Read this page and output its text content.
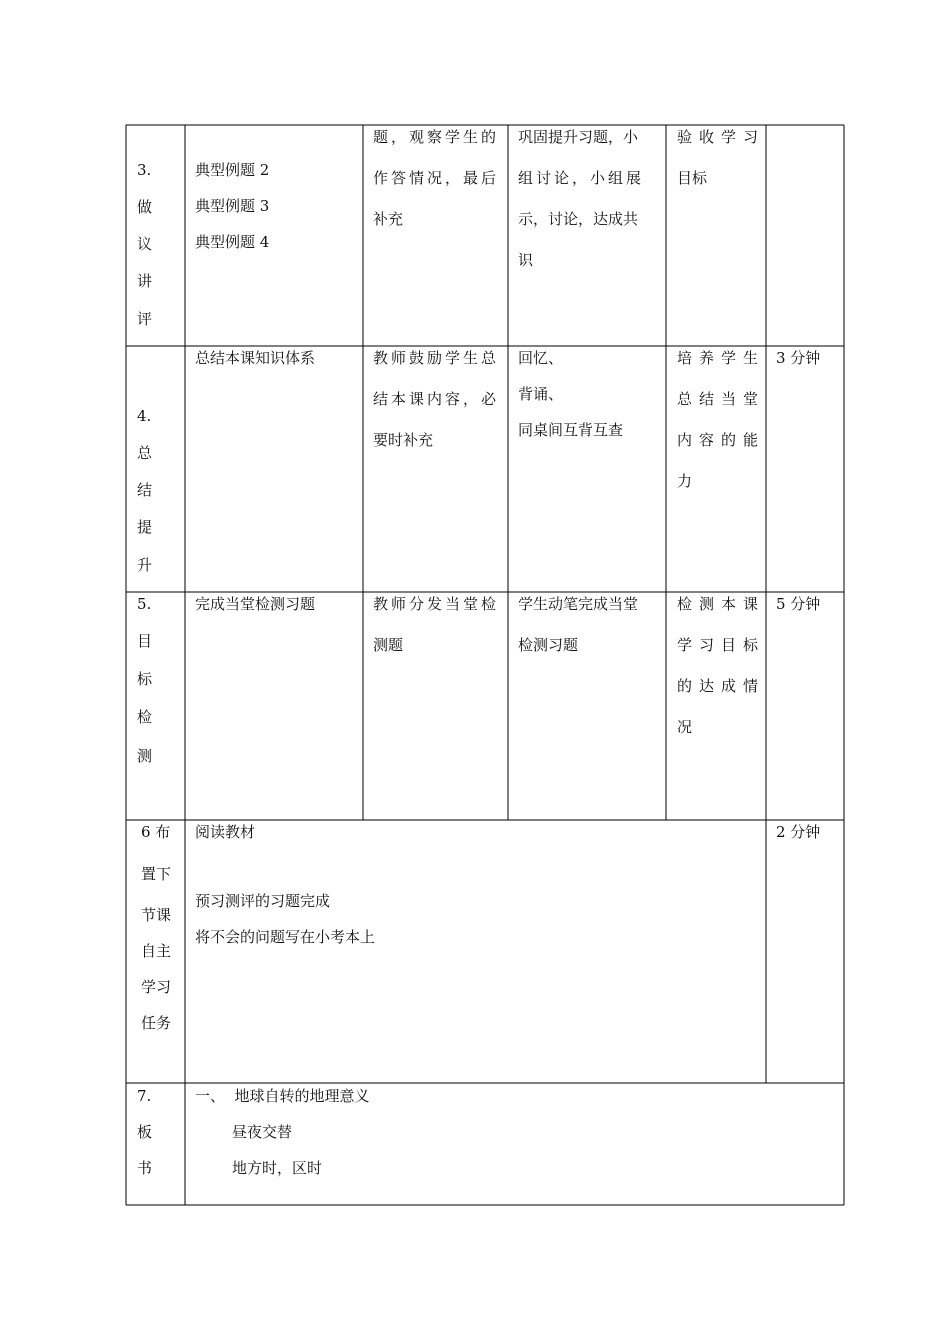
3.
做
议
讲
评
典型例题 2
典型例题 3
典型例题 4
题，观察学生的
作答情况，最后
补充
巩固提升习题，小
组讨论，小组展
示，讨论，达成共
识
验收学习
目标
4.
总
结
提
升
总结本课知识体系	教师鼓励学生总
结本课内容，必
要时补充
回忆、
背诵、
同桌间互背互查
培养学生
总结当堂
内容的能
力
3 分钟
5.
目
标
检
测
完成当堂检测习题	教师分发当堂检
测题
学生动笔完成当堂
检测习题
检测本课
学习目标
的达成情
况
5 分钟
6 布
置下
节课
自主
学习
任务
阅读教材
预习测评的习题完成
将不会的问题写在小考本上
2 分钟
7.
板
书
一、  地球自转的地理意义
昼夜交替
地方时，区时
